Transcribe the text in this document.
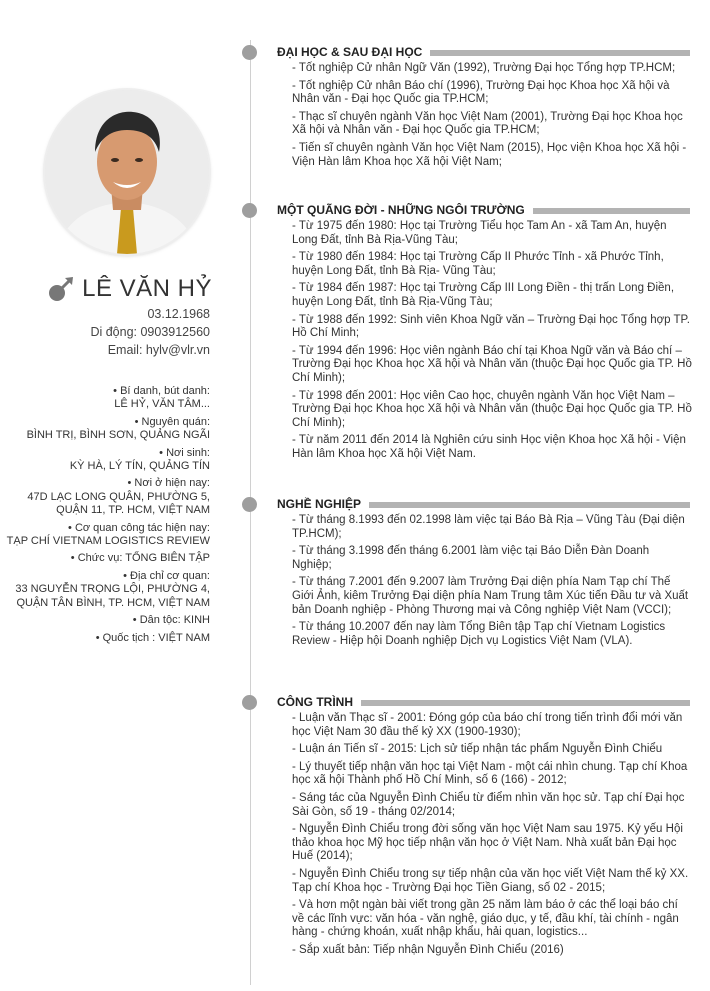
LÊ VĂN HỶ
03.12.1968
Di động: 0903912560
Email: hylv@vlr.vn
• Bí danh, bút danh:
LÊ HỶ, VĂN TÂM...
• Nguyên quán:
BÌNH TRỊ, BÌNH SƠN, QUẢNG NGÃI
• Nơi sinh:
KỲ HÀ, LÝ TÍN, QUẢNG TÍN
• Nơi ở hiện nay:
47D LẠC LONG QUÂN, PHƯỜNG 5,
QUẬN 11, TP. HCM, VIỆT NAM
• Cơ quan công tác hiện nay:
TẠP CHÍ VIETNAM LOGISTICS REVIEW
• Chức vụ: TỔNG BIÊN TẬP
• Địa chỉ cơ quan:
33 NGUYỄN TRỌNG LỘI, PHƯỜNG 4,
QUẬN TÂN BÌNH, TP. HCM, VIỆT NAM
• Dân tộc: KINH
• Quốc tịch : VIỆT NAM
ĐẠI HỌC & SAU ĐẠI HỌC
- Tốt nghiệp Cử nhân Ngữ Văn (1992), Trường Đại học Tổng hợp TP.HCM;
- Tốt nghiệp Cử nhân Báo chí (1996), Trường Đại học Khoa học Xã hội và Nhân văn - Đại học Quốc gia TP.HCM;
- Thạc sĩ chuyên ngành Văn học Việt Nam (2001), Trường Đại học Khoa học Xã hội và Nhân văn - Đại học Quốc gia TP.HCM;
- Tiến sĩ chuyên ngành Văn học Việt Nam (2015), Học viện Khoa học Xã hội - Viện Hàn lâm Khoa học Xã hội Việt Nam;
MỘT QUÃNG ĐỜI - NHỮNG NGÔI TRƯỜNG
- Từ 1975 đến 1980: Học tại Trường Tiểu học Tam An - xã Tam An, huyện Long Đất, tỉnh Bà Rịa-Vũng Tàu;
- Từ 1980 đến 1984: Học tại Trường Cấp II Phước Tỉnh - xã Phước Tỉnh, huyện Long Đất, tỉnh Bà Rịa- Vũng Tàu;
- Từ 1984 đến 1987: Học tại Trường Cấp III Long Điền - thị trấn Long Điền, huyện Long Đất, tỉnh Bà Rịa-Vũng Tàu;
- Từ 1988 đến 1992: Sinh viên Khoa Ngữ văn – Trường Đại học Tổng hợp TP. Hồ Chí Minh;
- Từ 1994 đến 1996: Học viên ngành Báo chí tại Khoa Ngữ văn và Báo chí – Trường Đại học Khoa học Xã hội và Nhân văn (thuộc Đại học Quốc gia TP. Hồ Chí Minh);
- Từ 1998 đến 2001: Học viên Cao học, chuyên ngành Văn học Việt Nam – Trường Đại học Khoa học Xã hội và Nhân văn (thuộc Đại học Quốc gia TP. Hồ Chí Minh);
- Từ năm 2011 đến 2014 là Nghiên cứu sinh Học viện Khoa học Xã hội - Viện Hàn lâm Khoa học Xã hội Việt Nam.
NGHỀ NGHIỆP
- Từ tháng 8.1993 đến 02.1998 làm việc tại Báo Bà Rịa – Vũng Tàu (Đại diện TP.HCM);
- Từ tháng 3.1998 đến tháng 6.2001 làm việc tại Báo Diễn Đàn Doanh Nghiệp;
- Từ tháng 7.2001 đến 9.2007 làm Trưởng Đại diện phía Nam Tạp chí Thế Giới Ảnh, kiêm Trưởng Đại diện phía Nam Trung tâm Xúc tiến Đầu tư và Xuất bản Doanh nghiệp - Phòng Thương mại và Công nghiệp Việt Nam (VCCI);
- Từ tháng 10.2007 đến nay làm Tổng Biên tập Tạp chí Vietnam Logistics Review - Hiệp hội Doanh nghiệp Dịch vụ Logistics Việt Nam (VLA).
CÔNG TRÌNH
- Luận văn Thạc sĩ - 2001: Đóng góp của báo chí trong tiến trình đổi mới văn học Việt Nam 30 đầu thế kỷ XX (1900-1930);
- Luận án Tiến sĩ - 2015: Lịch sử tiếp nhận tác phẩm Nguyễn Đình Chiểu
- Lý thuyết tiếp nhận văn học tại Việt Nam - một cái nhìn chung. Tạp chí Khoa học xã hội Thành phố Hồ Chí Minh, số 6 (166) - 2012;
- Sáng tác của Nguyễn Đình Chiểu từ điểm nhìn văn học sử. Tạp chí Đại học Sài Gòn, số 19 - tháng 02/2014;
- Nguyễn Đình Chiểu trong đời sống văn học Việt Nam sau 1975. Kỷ yếu Hội thảo khoa học Mỹ học tiếp nhận văn học ở Việt Nam. Nhà xuất bản Đại học Huế (2014);
- Nguyễn Đình Chiểu trong sự tiếp nhận của văn học viết Việt Nam thế kỷ XX. Tạp chí Khoa học - Trường Đại học Tiền Giang, số 02 - 2015;
- Và hơn một ngàn bài viết trong gần 25 năm làm báo ở các thể loại báo chí về các lĩnh vực: văn hóa - văn nghệ, giáo dục, y tế, đầu khí, tài chính - ngân hàng - chứng khoán, xuất nhập khẩu, hải quan, logistics...
- Sắp xuất bản: Tiếp nhận Nguyễn Đình Chiểu (2016)
